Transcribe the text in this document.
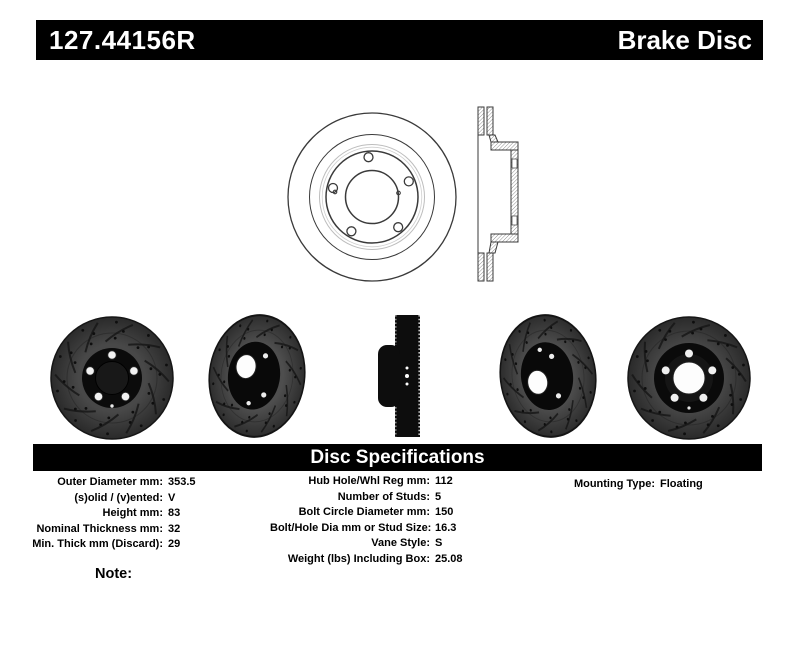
127.44156R	Brake Disc
Disc Specifications
Outer Diameter mm: 353.5
(s)olid / (v)ented: V
Height mm: 83
Nominal Thickness mm: 32
Min. Thick mm (Discard): 29
Hub Hole/Whl Reg mm: 112
Number of Studs: 5
Bolt Circle Diameter mm: 150
Bolt/Hole Dia mm or Stud Size: 16.3
Vane Style: S
Weight (lbs) Including Box: 25.08
Mounting Type: Floating
Note:
